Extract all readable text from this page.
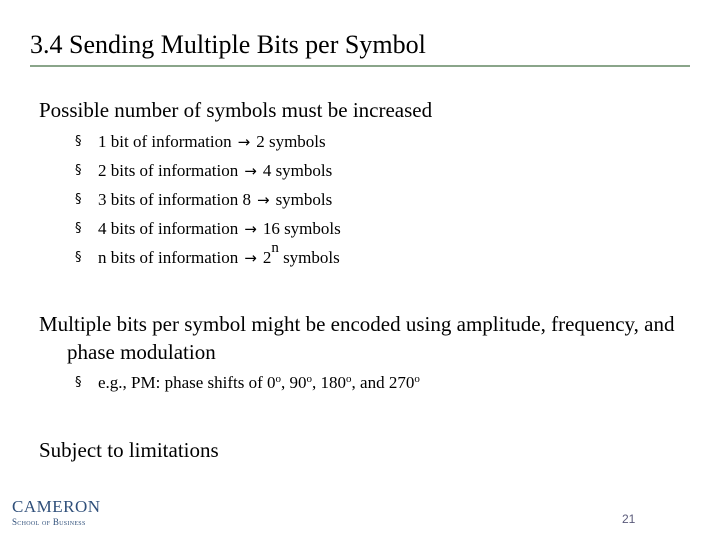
3.4 Sending Multiple Bits per Symbol
Possible number of symbols must be increased
§ 1 bit of information → 2 symbols
§ 2 bits of information → 4 symbols
§ 3 bits of information 8 → symbols
§ 4 bits of information → 16 symbols
§ n bits of information → 2n symbols
Multiple bits per symbol might be encoded using amplitude, frequency, and phase modulation
§ e.g., PM: phase shifts of 0$^o$, 90$^o$, 180$^o$, and 270$^o$
Subject to limitations
CAMERON
School of Business	21
